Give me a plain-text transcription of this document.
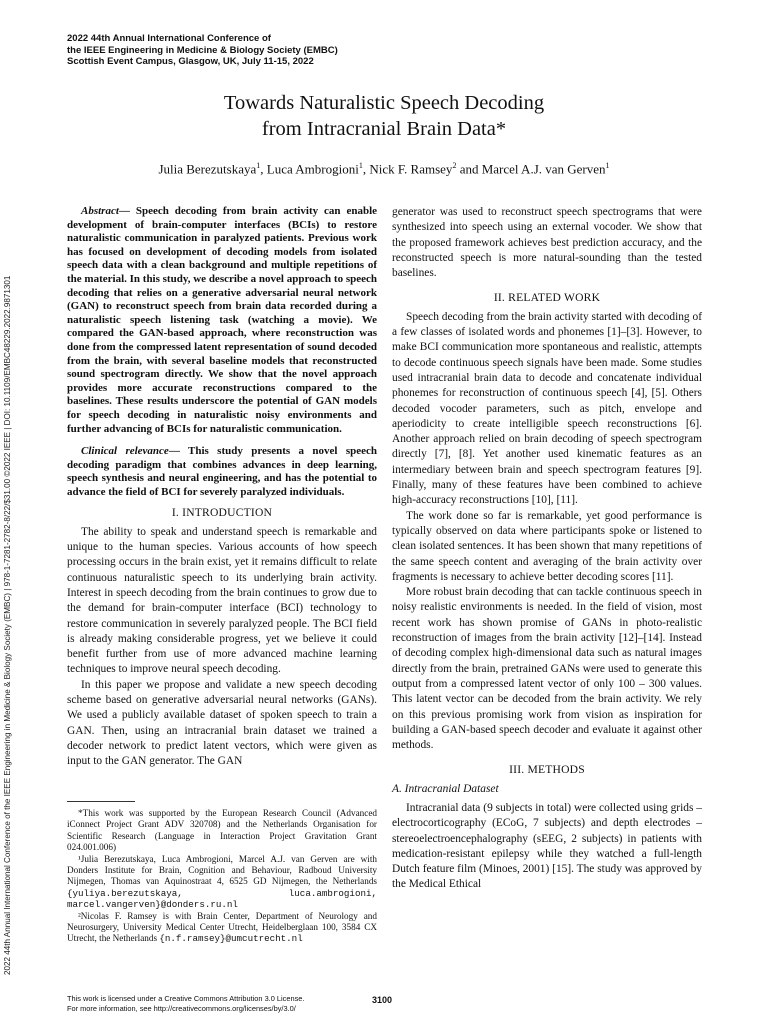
2022 44th Annual International Conference of
the IEEE Engineering in Medicine & Biology Society (EMBC)
Scottish Event Campus, Glasgow, UK, July 11-15, 2022
2022 44th Annual International Conference of the IEEE Engineering in Medicine & Biology Society (EMBC) | 978-1-7281-2782-8/22/$31.00 ©2022 IEEE | DOI: 10.1109/EMBC48229.2022.9871301
Towards Naturalistic Speech Decoding
from Intracranial Brain Data*
Julia Berezutskaya$^1$, Luca Ambrogioni$^1$, Nick F. Ramsey$^2$ and Marcel A.J. van Gerven$^1$

Abstract— Speech decoding from brain activity can enable development of brain-computer interfaces (BCIs) to restore naturalistic communication in paralyzed patients. Previous work has focused on development of decoding models from isolated speech data with a clean background and multiple repetitions of the material. In this study, we describe a novel approach to speech decoding that relies on a generative adversarial neural network (GAN) to reconstruct speech from brain data recorded during a naturalistic speech listening task (watching a movie). We compared the GAN-based approach, where reconstruction was done from the compressed latent representation of sound decoded from the brain, with several baseline models that reconstructed sound spectrogram directly. We show that the novel approach provides more accurate reconstructions compared to the baselines. These results underscore the potential of GAN models for speech decoding in naturalistic noisy environments and further advancing of BCIs for naturalistic communication.

Clinical relevance— This study presents a novel speech decoding paradigm that combines advances in deep learning, speech synthesis and neural engineering, and has the potential to advance the field of BCI for severely paralyzed individuals.

I. INTRODUCTION

The ability to speak and understand speech is remarkable and unique to the human species. Various accounts of how speech processing occurs in the brain exist, yet it remains difficult to relate continuous naturalistic speech to its underlying brain activity. Interest in speech decoding from the brain continues to grow due to the demand for brain-computer interface (BCI) technology to restore communication in severely paralyzed people. The BCI field is already making considerable progress, yet we believe it could benefit further from use of more advanced machine learning techniques to improve neural speech decoding.

In this paper we propose and validate a new speech decoding scheme based on generative adversarial neural networks (GANs). We used a publicly available dataset of spoken speech to train a GAN. Then, using an intracranial brain dataset we trained a decoder network to predict latent vectors, which were given as input to the GAN generator. The GAN

*This work was supported by the European Research Council (Advanced iConnect Project Grant ADV 320708) and the Netherlands Organisation for Scientific Research (Language in Interaction Project Gravitation Grant 024.001.006)

¹Julia Berezutskaya, Luca Ambrogioni, Marcel A.J. van Gerven are with Donders Institute for Brain, Cognition and Behaviour, Radboud University Nijmegen, Thomas van Aquinostraat 4, 6525 GD Nijmegen, the Netherlands {yuliya.berezutskaya, luca.ambrogioni, marcel.vangerven}@donders.ru.nl

²Nicolas F. Ramsey is with Brain Center, Department of Neurology and Neurosurgery, University Medical Center Utrecht, Heidelberglaan 100, 3584 CX Utrecht, the Netherlands {n.f.ramsey}@umcutrecht.nl

generator was used to reconstruct speech spectrograms that were synthesized into speech using an external vocoder. We show that the proposed framework achieves best prediction accuracy, and the reconstructed speech is more natural-sounding than the tested baselines.

II. RELATED WORK

Speech decoding from the brain activity started with decoding of a few classes of isolated words and phonemes [1]–[3]. However, to make BCI communication more spontaneous and realistic, attempts to decode continuous speech signals have been made. Some studies used intracranial brain data to decode and concatenate individual phonemes for reconstruction of continuous speech [4], [5]. Others decoded vocoder parameters, such as pitch, envelope and aperiodicity to create intelligible speech reconstructions [6]. Another approach relied on brain decoding of speech spectrogram directly [7], [8]. Yet another used kinematic features as an intermediary between brain and speech spectrogram features [9]. Finally, many of these features have been combined to achieve high-accuracy reconstructions [10], [11].

The work done so far is remarkable, yet good performance is typically observed on data where participants spoke or listened to clean isolated sentences. It has been shown that many repetitions of the same speech content and averaging of the brain activity over fragments is necessary to achieve better decoding scores [11].

More robust brain decoding that can tackle continuous speech in noisy realistic environments is needed. In the field of vision, most recent work has shown promise of GANs in photo-realistic reconstruction of images from the brain activity [12]–[14]. Instead of decoding complex high-dimensional data such as natural images directly from the brain, pretrained GANs were used to generate this output from a compressed latent vector of only 100 – 300 values. This latent vector can be decoded from the brain activity. We rely on this previous promising work from vision as inspiration for building a GAN-based speech decoder and evaluate it against other methods.

III. METHODS
A. Intracranial Dataset

Intracranial data (9 subjects in total) were collected using grids – electrocorticography (ECoG, 7 subjects) and depth electrodes – stereoelectroencephalography (sEEG, 2 subjects) in patients with medication-resistant epilepsy while they watched a full-length Dutch feature film (Minoes, 2001) [15]. The study was approved by the Medical Ethical

This work is licensed under a Creative Commons Attribution 3.0 License.
For more information, see http://creativecommons.org/licenses/by/3.0/
3100
